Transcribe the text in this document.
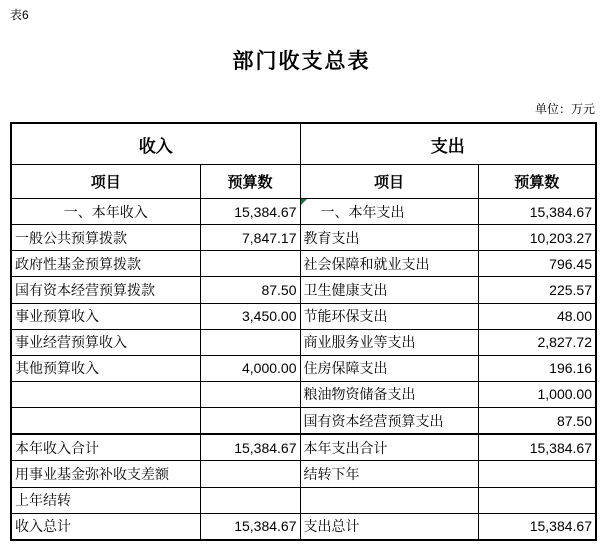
表6
部门收支总表
单位：万元
收入		支出	
项目	预算数	项目	预算数
一、本年收入	15,384.67	一、本年支出	15,384.67
一般公共预算拨款	7,847.17	教育支出	10,203.27
政府性基金预算拨款		社会保障和就业支出	796.45
国有资本经营预算拨款	87.50	卫生健康支出	225.57
事业预算收入	3,450.00	节能环保支出	48.00
事业经营预算收入		商业服务业等支出	2,827.72
其他预算收入	4,000.00	住房保障支出	196.16
		粮油物资储备支出	1,000.00
		国有资本经营预算支出	87.50

本年收入合计	15,384.67	本年支出合计	15,384.67
用事业基金弥补收支差额		结转下年	
上年结转			
收入总计	15,384.67	支出总计	15,384.67
